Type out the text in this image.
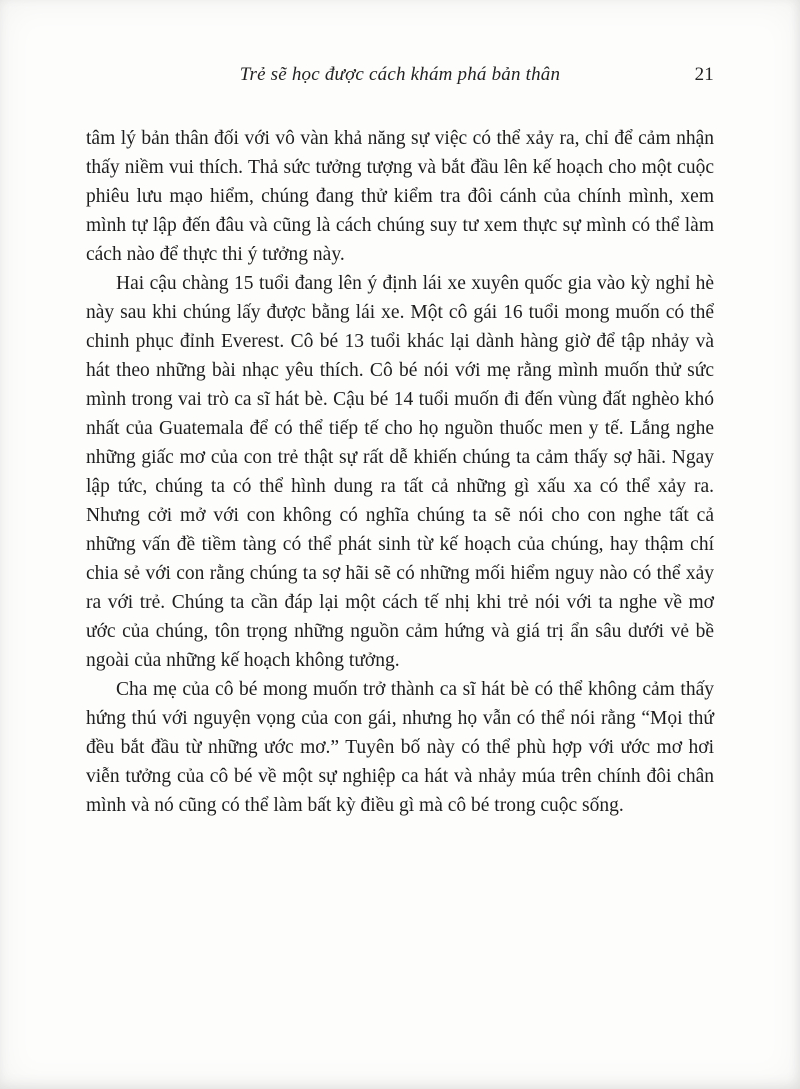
Trẻ sẽ học được cách khám phá bản thân	21

tâm lý bản thân đối với vô vàn khả năng sự việc có thể xảy ra, chỉ để cảm nhận thấy niềm vui thích. Thả sức tưởng tượng và bắt đầu lên kế hoạch cho một cuộc phiêu lưu mạo hiểm, chúng đang thử kiểm tra đôi cánh của chính mình, xem mình tự lập đến đâu và cũng là cách chúng suy tư xem thực sự mình có thể làm cách nào để thực thi ý tưởng này.

Hai cậu chàng 15 tuổi đang lên ý định lái xe xuyên quốc gia vào kỳ nghỉ hè này sau khi chúng lấy được bằng lái xe. Một cô gái 16 tuổi mong muốn có thể chinh phục đỉnh Everest. Cô bé 13 tuổi khác lại dành hàng giờ để tập nhảy và hát theo những bài nhạc yêu thích. Cô bé nói với mẹ rằng mình muốn thử sức mình trong vai trò ca sĩ hát bè. Cậu bé 14 tuổi muốn đi đến vùng đất nghèo khó nhất của Guatemala để có thể tiếp tế cho họ nguồn thuốc men y tế. Lắng nghe những giấc mơ của con trẻ thật sự rất dễ khiến chúng ta cảm thấy sợ hãi. Ngay lập tức, chúng ta có thể hình dung ra tất cả những gì xấu xa có thể xảy ra. Nhưng cởi mở với con không có nghĩa chúng ta sẽ nói cho con nghe tất cả những vấn đề tiềm tàng có thể phát sinh từ kế hoạch của chúng, hay thậm chí chia sẻ với con rằng chúng ta sợ hãi sẽ có những mối hiểm nguy nào có thể xảy ra với trẻ. Chúng ta cần đáp lại một cách tế nhị khi trẻ nói với ta nghe về mơ ước của chúng, tôn trọng những nguồn cảm hứng và giá trị ẩn sâu dưới vẻ bề ngoài của những kế hoạch không tưởng.

Cha mẹ của cô bé mong muốn trở thành ca sĩ hát bè có thể không cảm thấy hứng thú với nguyện vọng của con gái, nhưng họ vẫn có thể nói rằng “Mọi thứ đều bắt đầu từ những ước mơ.” Tuyên bố này có thể phù hợp với ước mơ hơi viễn tưởng của cô bé về một sự nghiệp ca hát và nhảy múa trên chính đôi chân mình và nó cũng có thể làm bất kỳ điều gì mà cô bé trong cuộc sống.
